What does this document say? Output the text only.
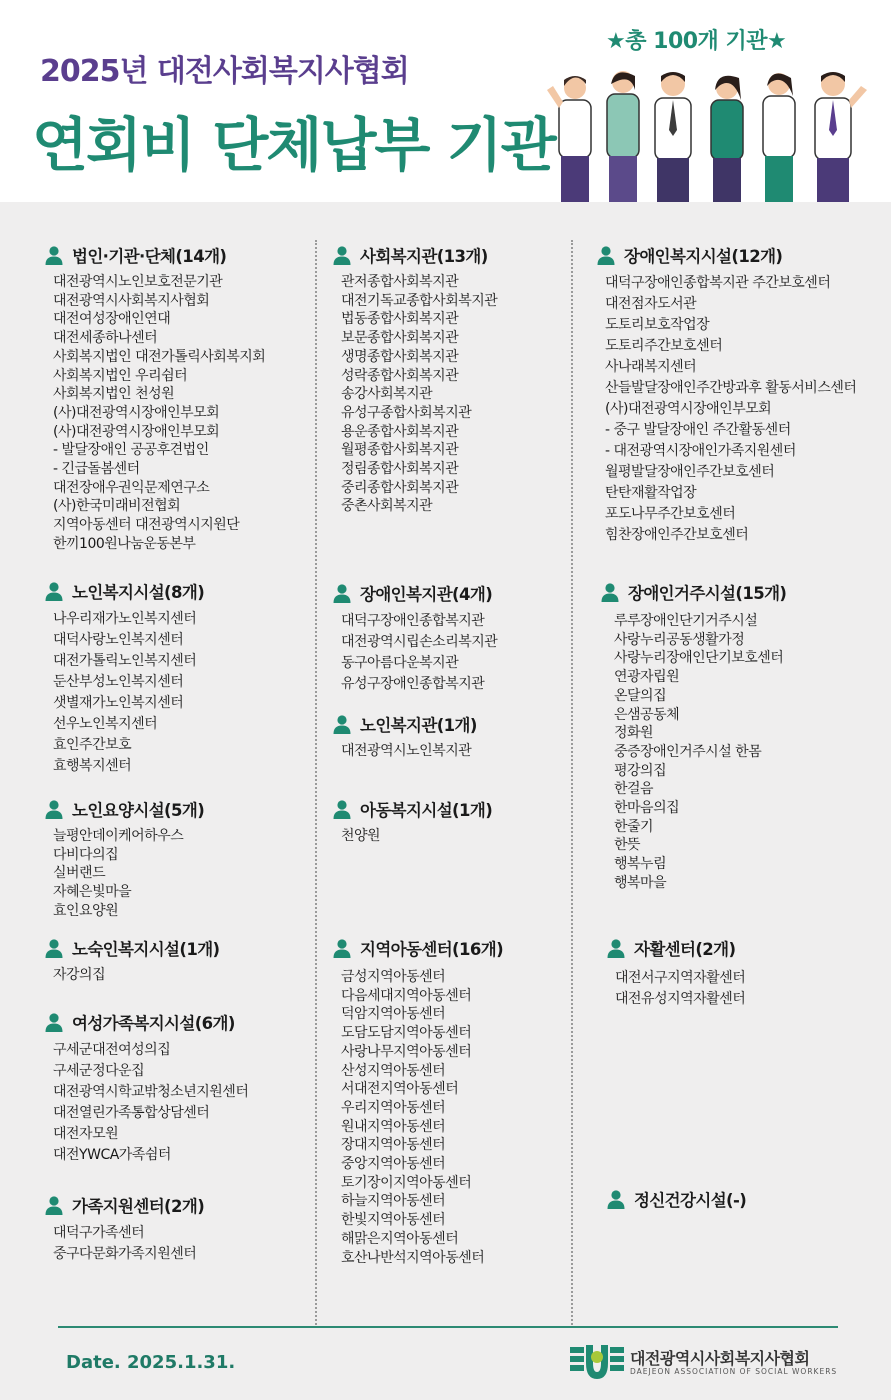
2025년 대전사회복지사협회
연회비 단체납부 기관
★총 100개 기관★
법인·기관·단체(14개)
대전광역시노인보호전문기관
대전광역시사회복지사협회
대전여성장애인연대
대전세종하나센터
사회복지법인 대전가톨릭사회복지회
사회복지법인 우리쉼터
사회복지법인 천성원
(사)대전광역시장애인부모회
(사)대전광역시장애인부모회
- 발달장애인 공공후견법인
- 긴급돌봄센터
대전장애우권익문제연구소
(사)한국미래비전협회
지역아동센터 대전광역시지원단
한끼100원나눔운동본부
노인복지시설(8개)
나우리재가노인복지센터
대덕사랑노인복지센터
대전가톨릭노인복지센터
둔산부성노인복지센터
샛별재가노인복지센터
선우노인복지센터
효인주간보호
효행복지센터
노인요양시설(5개)
늘평안데이케어하우스
다비다의집
실버랜드
자혜은빛마을
효인요양원
노숙인복지시설(1개)
자강의집
여성가족복지시설(6개)
구세군대전여성의집
구세군정다운집
대전광역시학교밖청소년지원센터
대전열린가족통합상담센터
대전자모원
대전YWCA가족쉼터
가족지원센터(2개)
대덕구가족센터
중구다문화가족지원센터
사회복지관(13개)
관저종합사회복지관
대전기독교종합사회복지관
법동종합사회복지관
보문종합사회복지관
생명종합사회복지관
성락종합사회복지관
송강사회복지관
유성구종합사회복지관
용운종합사회복지관
월평종합사회복지관
정림종합사회복지관
중리종합사회복지관
중촌사회복지관
장애인복지관(4개)
대덕구장애인종합복지관
대전광역시립손소리복지관
동구아름다운복지관
유성구장애인종합복지관
노인복지관(1개)
대전광역시노인복지관
아동복지시설(1개)
천양원
지역아동센터(16개)
금성지역아동센터
다음세대지역아동센터
덕암지역아동센터
도담도담지역아동센터
사랑나무지역아동센터
산성지역아동센터
서대전지역아동센터
우리지역아동센터
원내지역아동센터
장대지역아동센터
중앙지역아동센터
토기장이지역아동센터
하늘지역아동센터
한빛지역아동센터
해맑은지역아동센터
호산나반석지역아동센터
장애인복지시설(12개)
대덕구장애인종합복지관 주간보호센터
대전점자도서관
도토리보호작업장
도토리주간보호센터
사나래복지센터
산들발달장애인주간방과후 활동서비스센터
(사)대전광역시장애인부모회
- 중구 발달장애인 주간활동센터
- 대전광역시장애인가족지원센터
월평발달장애인주간보호센터
탄탄재활작업장
포도나무주간보호센터
힘찬장애인주간보호센터
장애인거주시설(15개)
루루장애인단기거주시설
사랑누리공동생활가정
사랑누리장애인단기보호센터
연광자립원
온달의집
은샘공동체
정화원
중증장애인거주시설 한몸
평강의집
한걸음
한마음의집
한줄기
한뜻
행복누림
행복마을
자활센터(2개)
대전서구지역자활센터
대전유성지역자활센터
정신건강시설(-)
Date. 2025.1.31.	대전광역시사회복지사협회
DAEJEON ASSOCIATION OF SOCIAL WORKERS
